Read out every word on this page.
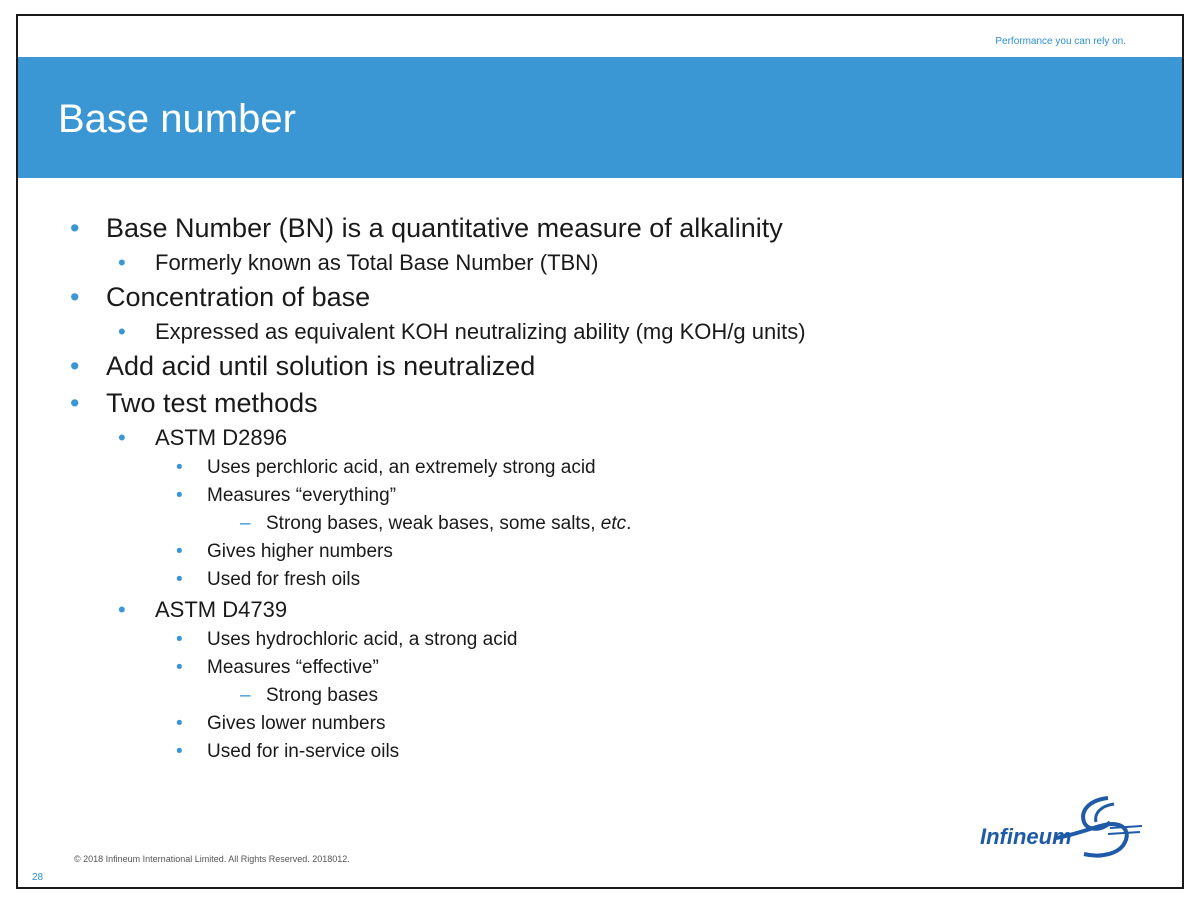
Performance you can rely on.
Base number
• Base Number (BN) is a quantitative measure of alkalinity
• Formerly known as Total Base Number (TBN)
• Concentration of base
• Expressed as equivalent KOH neutralizing ability (mg KOH/g units)
• Add acid until solution is neutralized
• Two test methods
• ASTM D2896
• Uses perchloric acid, an extremely strong acid
• Measures “everything”
– Strong bases, weak bases, some salts, etc.
• Gives higher numbers
• Used for fresh oils
• ASTM D4739
• Uses hydrochloric acid, a strong acid
• Measures “effective”
– Strong bases
• Gives lower numbers
• Used for in-service oils
Infineum
© 2018 Infineum International Limited. All Rights Reserved. 2018012.
28
